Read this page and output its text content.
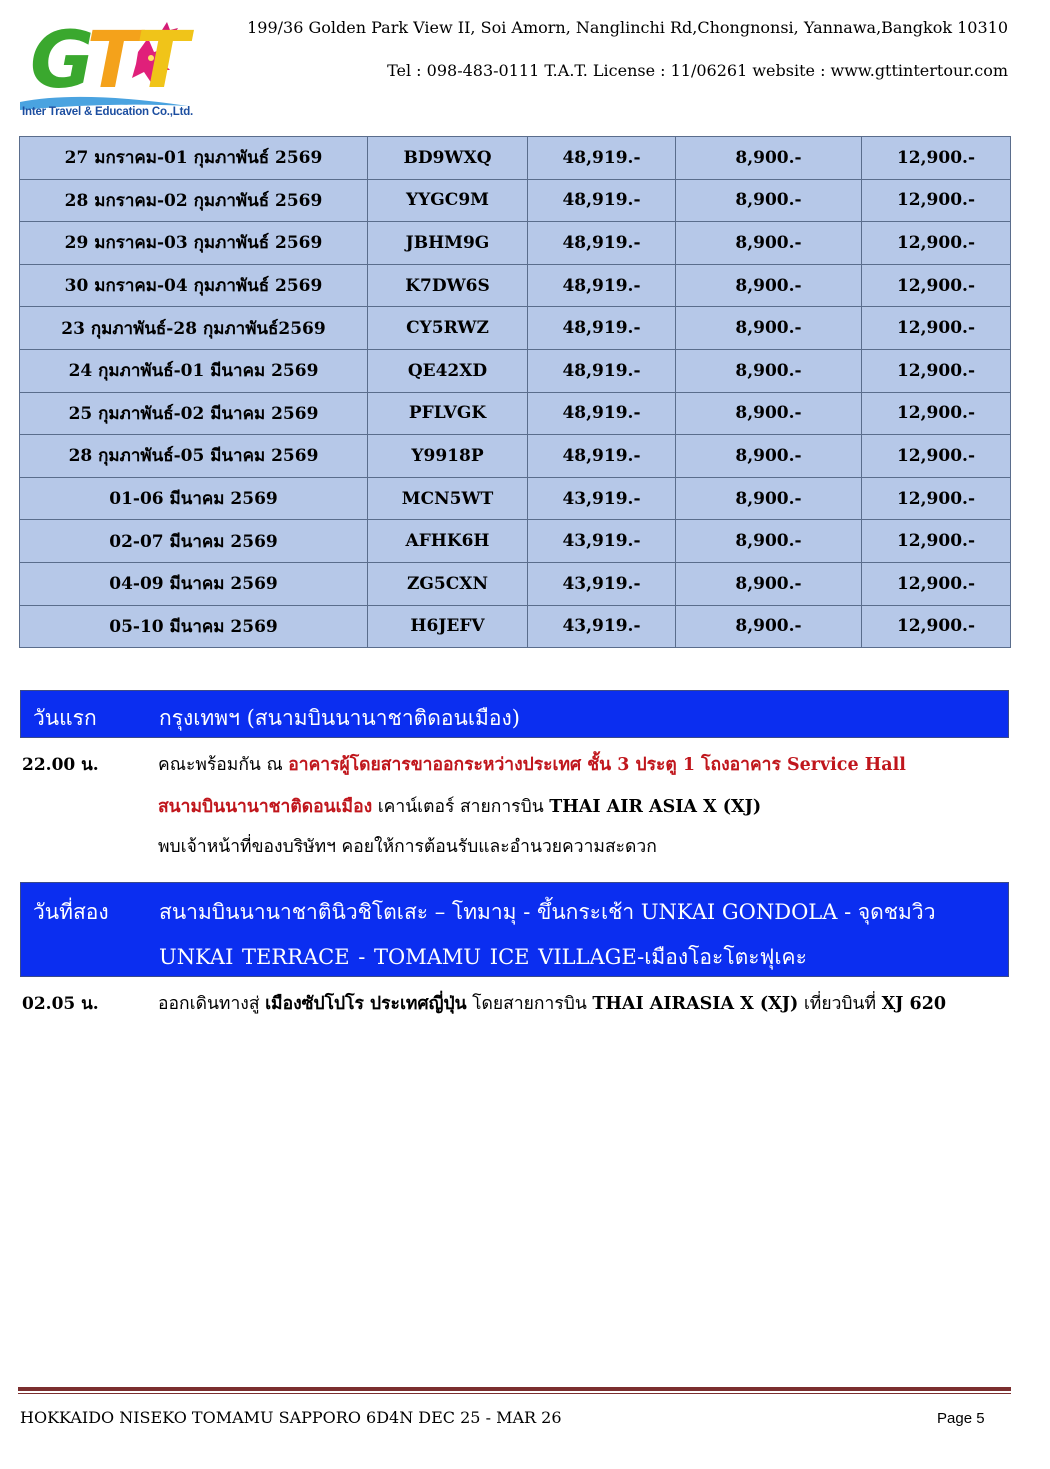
GTT
Inter Travel & Education Co.,Ltd.
199/36 Golden Park View II, Soi Amorn, Nanglinchi Rd,Chongnonsi, Yannawa,Bangkok 10310
Tel : 098-483-0111 T.A.T. License : 11/06261 website : www.gttintertour.com
27 มกราคม-01 กุมภาพันธ์ 2569	BD9WXQ	48,919.-	8,900.-	12,900.-
28 มกราคม-02 กุมภาพันธ์ 2569	YYGC9M	48,919.-	8,900.-	12,900.-
29 มกราคม-03 กุมภาพันธ์ 2569	JBHM9G	48,919.-	8,900.-	12,900.-
30 มกราคม-04 กุมภาพันธ์ 2569	K7DW6S	48,919.-	8,900.-	12,900.-
23 กุมภาพันธ์-28 กุมภาพันธ์2569	CY5RWZ	48,919.-	8,900.-	12,900.-
24 กุมภาพันธ์-01 มีนาคม 2569	QE42XD	48,919.-	8,900.-	12,900.-
25 กุมภาพันธ์-02 มีนาคม 2569	PFLVGK	48,919.-	8,900.-	12,900.-
28 กุมภาพันธ์-05 มีนาคม 2569	Y9918P	48,919.-	8,900.-	12,900.-
01-06 มีนาคม 2569	MCN5WT	43,919.-	8,900.-	12,900.-
02-07 มีนาคม 2569	AFHK6H	43,919.-	8,900.-	12,900.-
04-09 มีนาคม 2569	ZG5CXN	43,919.-	8,900.-	12,900.-
05-10 มีนาคม 2569	H6JEFV	43,919.-	8,900.-	12,900.-
วันแรก	กรุงเทพฯ (สนามบินนานาชาติดอนเมือง)
22.00 น.	คณะพร้อมกัน ณ อาคารผู้โดยสารขาออกระหว่างประเทศ ชั้น 3 ประตู 1 โถงอาคาร Service Hall
สนามบินนานาชาติดอนเมือง เคาน์เตอร์ สายการบิน THAI AIR ASIA X (XJ)
พบเจ้าหน้าที่ของบริษัทฯ คอยให้การต้อนรับและอำนวยความสะดวก
วันที่สอง สนามบินนานาชาตินิวชิโตเสะ – โทมามุ - ขึ้นกระเช้า UNKAI GONDOLA - จุดชมวิว
UNKAI TERRACE - TOMAMU ICE VILLAGE-เมืองโอะโตะฟุเคะ
02.05 น.	ออกเดินทางสู่ เมืองซัปโปโร ประเทศญี่ปุ่น โดยสายการบิน THAI AIRASIA X (XJ) เที่ยวบินที่ XJ 620
HOKKAIDO NISEKO TOMAMU SAPPORO 6D4N DEC 25 - MAR 26	Page 5
